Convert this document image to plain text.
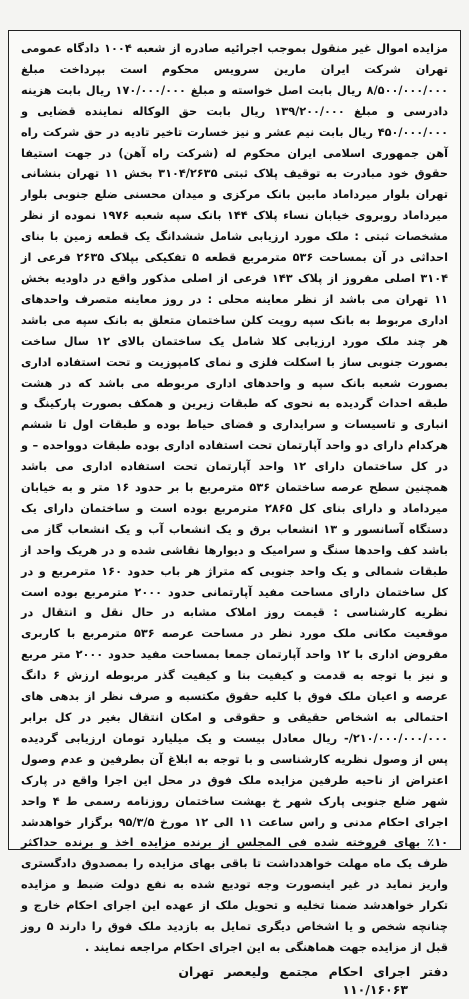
مزایده اموال غیر منقول بموجب اجرائیه صادره از شعبه ۱۰۰۴ دادگاه عمومی تهران شرکت ایران مارین سرویس محکوم است بپرداخت مبلغ ۸/۵۰۰/۰۰۰/۰۰۰ ریال بابت اصل خواسته و مبلغ ۱۷۰/۰۰۰/۰۰۰ ریال بابت هزینه دادرسی و مبلغ ۱۳۹/۲۰۰/۰۰۰ ریال بابت حق الوکاله نماینده قضایی و ۴۵۰/۰۰۰/۰۰۰ ریال بابت نیم عشر و نیز خسارت تاخیر تادیه در حق شرکت راه آهن جمهوری اسلامی ایران محکوم له (شرکت راه آهن) در جهت استیفا حقوق خود مبادرت به توقیف پلاک ثبتی ۳۱۰۴/۲۶۳۵ بخش ۱۱ تهران بنشانی تهران بلوار میرداماد مابین بانک مرکزی و میدان محسنی ضلع جنوبی بلوار میرداماد روبروی خیابان نساء پلاک ۱۴۴ بانک سپه شعبه ۱۹۷۶ نموده از نظر مشخصات ثبتی : ملک مورد ارزیابی شامل ششدانگ یک قطعه زمین با بنای احداثی در آن بمساحت ۵۳۶ مترمربع قطعه ۵ تفکیکی بپلاک ۲۶۳۵ فرعی از ۳۱۰۴ اصلی مفروز از پلاک ۱۴۳ فرعی از اصلی مذکور واقع در داودیه بخش ۱۱ تهران می باشد از نظر معاینه محلی : در روز معاینه متصرف واحدهای اداری مربوط به بانک سپه رویت کلن ساختمان متعلق به بانک سپه می باشد هر چند ملک مورد ارزیابی کلا شامل یک ساختمان بالای ۱۲ سال ساخت بصورت جنوبی ساز با اسکلت فلزی و نمای کامپوزیت و تحت استفاده اداری بصورت شعبه بانک سپه و واحدهای اداری مربوطه می باشد که در هشت طبقه احداث گردیده به نحوی که طبقات زیرین و همکف بصورت پارکینگ و انباری و تاسیسات و سرایداری و فضای حیاط بوده و طبقات اول تا ششم هرکدام دارای دو واحد آپارتمان تحت استفاده اداری بوده طبقات دوواحده – و در کل ساختمان دارای ۱۲ واحد آپارتمان تحت استفاده اداری می باشد همچنین سطح عرصه ساختمان ۵۳۶ مترمربع با بر حدود ۱۶ متر و به خیابان میرداماد و دارای بنای کل ۲۸۶۵ مترمربع بوده است و ساختمان دارای یک دستگاه آسانسور و ۱۳ انشعاب برق و یک انشعاب آب و یک انشعاب گاز می باشد کف واحدها سنگ و سرامیک و دیوارها نقاشی شده و در هریک واحد از طبقات شمالی و یک واحد جنوبی که متراژ هر باب حدود ۱۶۰ مترمربع و در کل ساختمان دارای مساحت مفید آپارتمانی حدود ۲۰۰۰ مترمربع بوده است نظریه کارشناسی : قیمت روز املاک مشابه در حال نقل و انتقال در موقعیت مکانی ملک مورد نظر در مساحت عرصه ۵۳۶ مترمربع با کاربری مفروض اداری با ۱۲ واحد آپارتمان جمعا بمساحت مفید حدود ۲۰۰۰ متر مربع و نیز با توجه به قدمت و کیفیت بنا و کیفیت گذر مربوطه ارزش ۶ دانگ عرصه و اعیان ملک فوق با کلیه حقوق مکتسبه و صرف نظر از بدهی های احتمالی به اشخاص حقیقی و حقوقی و امکان انتقال بغیر در کل برابر ۲۱۰/۰۰۰/۰۰۰/۰۰۰/- ریال معادل بیست و یک میلیارد تومان ارزیابی گردیده پس از وصول نظریه کارشناسی و با توجه به ابلاغ آن بطرفین و عدم وصول اعتراض از ناحیه طرفین مزایده ملک فوق در محل این اجرا واقع در پارک شهر ضلع جنوبی پارک شهر خ بهشت ساختمان روزنامه رسمی ط ۴ واحد اجرای احکام مدنی و راس ساعت ۱۱ الی ۱۲ مورخ ۹۵/۳/۵ برگزار خواهدشد ۱۰٪ بهای فروخته شده فی المجلس از برنده مزایده اخذ و برنده حداکثر ظرف یک ماه مهلت خواهدداشت تا باقی بهای مزایده را بمصدوق دادگستری واریز نماید در غیر اینصورت وجه تودیع شده به نفع دولت ضبط و مزایده تکرار خواهدشد ضمنا تخلیه و تحویل ملک از عهده این اجرای احکام خارج و چنانچه شخص و یا اشخاص دیگری تمایل به بازدید ملک فوق را دارند ۵ روز قبل از مزایده جهت هماهنگی به این اجرای احکام مراجعه نمایند .

دفتر اجرای احکام مجتمع ولیعصر تهران
۱۱۰/۱۶۰۶۳
